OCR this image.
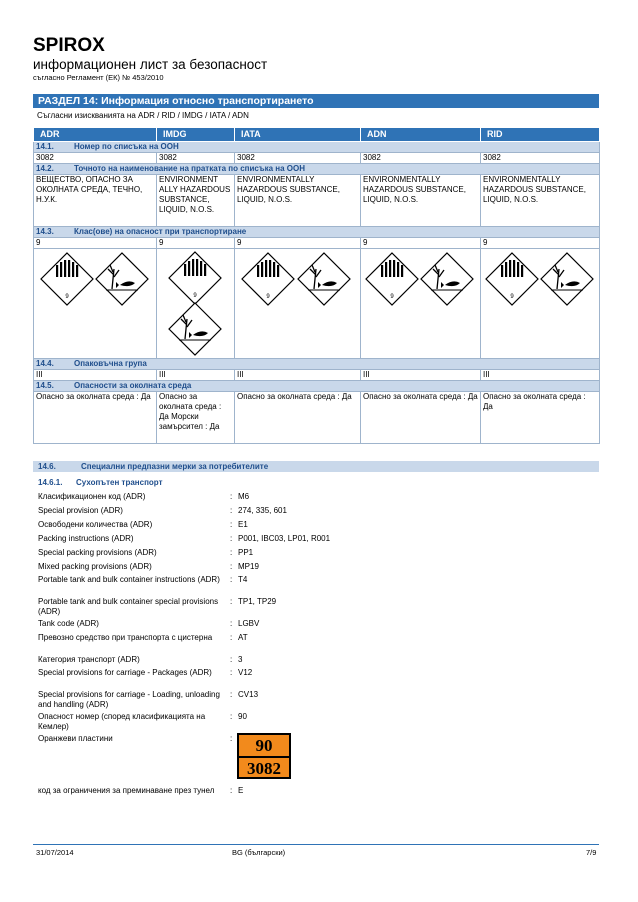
SPIROX
информационен лист за безопасност
съгласно Регламент (ЕК) № 453/2010
РАЗДЕЛ 14: Информация относно транспортирането
Съгласни изискванията на ADR / RID / IMDG / IATA / ADN
ADR	IMDG	IATA	ADN	RID
14.1. Номер по списъка на ООН				
3082	3082	3082	3082	3082
14.2. Точното на наименование на пратката по списъка на ООН				
ВЕЩЕСТВО, ОПАСНО ЗА ОКОЛНАТА СРЕДА, ТЕЧНО, Н.У.К.	ENVIRONMENT ALLY HAZARDOUS SUBSTANCE, LIQUID, N.O.S.	ENVIRONMENTALLY HAZARDOUS SUBSTANCE, LIQUID, N.O.S.	ENVIRONMENTALLY HAZARDOUS SUBSTANCE, LIQUID, N.O.S.	ENVIRONMENTALLY HAZARDOUS SUBSTANCE, LIQUID, N.O.S.
14.3. Клас(ове) на опасност при транспортиране				
9	9	9	9	9

9	9	9	9	9

14.4. Опаковъчна група				
III	III	III	III	III
14.5. Опасности за околната среда				
Опасно за околната среда : Да	Опасно за околната среда : Да Морски замърсител : Да	Опасно за околната среда : Да	Опасно за околната среда : Да	Опасно за околната среда : Да
14.6.	Специални предпазни мерки за потребителите
14.6.1. Сухопътен транспорт
Класификационен код (ADR)	: M6
Special provision (ADR)	: 274, 335, 601
Освободени количества (ADR)	: E1
Packing instructions (ADR)	: P001, IBC03, LP01, R001
Special packing provisions (ADR)	: PP1
Mixed packing provisions (ADR)	: MP19
Portable tank and bulk container instructions (ADR)	: T4
Portable tank and bulk container special provisions (ADR)
: TP1, TP29
Tank code (ADR)	: LGBV
Превозно средство при транспорта с цистерна	: AT
Категория транспорт (ADR)	: 3
Special provisions for carriage - Packages (ADR)	: V12
Special provisions for carriage - Loading, unloading and handling (ADR)
: CV13
Опасност номер (според класификацията на Кемлер)
: 90
Оранжеви пластини	:	90
3082
код за ограничения за преминаване през тунел	: E
31/07/2014	BG (български)	7/9
